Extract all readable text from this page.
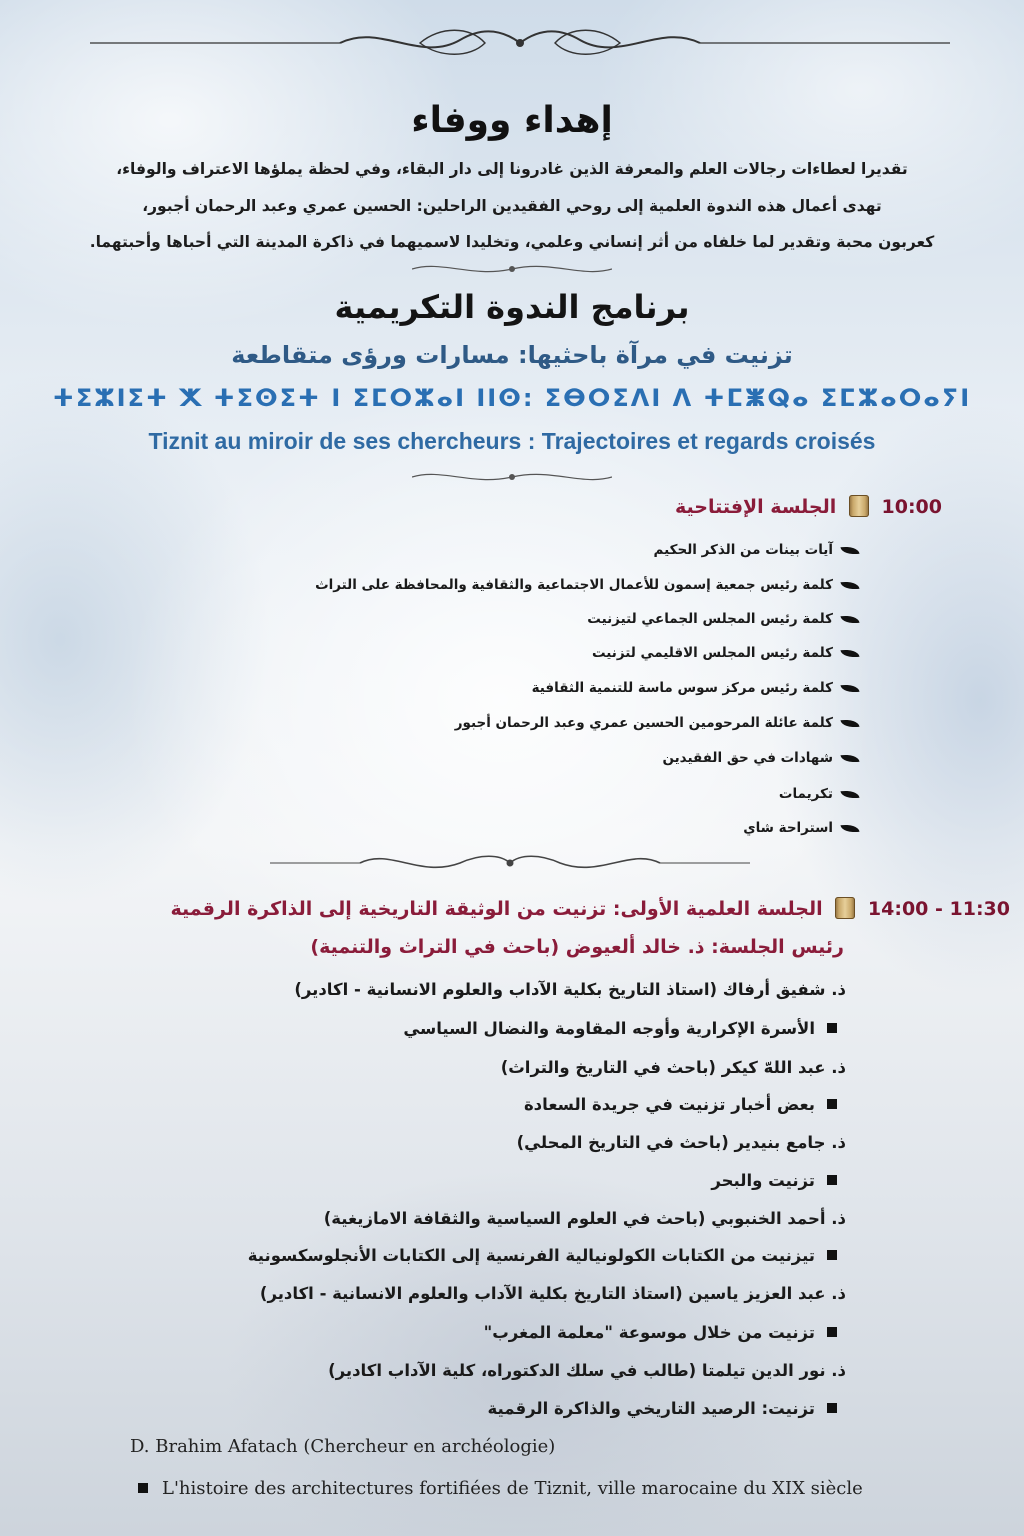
إهداء ووفاء
تقديرا لعطاءات رجالات العلم والمعرفة الذين غادرونا إلى دار البقاء، وفي لحظة يملؤها الاعتراف والوفاء،
تهدى أعمال هذه الندوة العلمية إلى روحي الفقيدين الراحلين: الحسين عمري وعبد الرحمان أجبور،
كعربون محبة وتقدير لما خلفاه من أثر إنساني وعلمي، وتخليدا لاسميهما في ذاكرة المدينة التي أحباها وأحبتهما.
برنامج الندوة التكريمية
تزنيت في مرآة باحثيها: مسارات ورؤى متقاطعة
ⵜⵉⵣⵏⵉⵜ ⵅ ⵜⵉⵙⵉⵜ ⵏ ⵉⵎⵔⵣⴰⵏ ⵏⵏⵙ: ⵉⴱⵔⵉⴷⵏ ⴷ ⵜⵎⵥⵕⴰ ⵉⵎⵣⴰⵔⴰⵢⵏ
Tiznit au miroir de ses chercheurs : Trajectoires et regards croisés
10:00  الجلسة الإفتتاحية
آيات بينات من الذكر الحكيم
كلمة رئيس جمعية إسمون للأعمال الاجتماعية والثقافية والمحافظة على التراث
كلمة رئيس المجلس الجماعي لتيزنيت
كلمة رئيس المجلس الاقليمي لتزنيت
كلمة رئيس مركز سوس ماسة للتنمية الثقافية
كلمة عائلة المرحومين الحسين عمري وعبد الرحمان أجبور
شهادات في حق الفقيدين
تكريمات
استراحة شاي
11:30 - 14:00  الجلسة العلمية الأولى: تزنيت من الوثيقة التاريخية إلى الذاكرة الرقمية
رئيس الجلسة: ذ. خالد ألعيوض (باحث في التراث والتنمية)
ذ. شفيق أرفاك (استاذ التاريخ بكلية الآداب والعلوم الانسانية - اكادير)
الأسرة الإكرارية وأوجه المقاومة والنضال السياسي
ذ. عبد اللهّ كيكر (باحث في التاريخ والتراث)
بعض أخبار تزنيت في جريدة السعادة
ذ. جامع بنيدير (باحث في التاريخ المحلي)
تزنيت والبحر
ذ. أحمد الخنبوبي (باحث في العلوم السياسية والثقافة الامازيغية)
تيزنيت من الكتابات الكولونيالية الفرنسية إلى الكتابات الأنجلوسكسونية
ذ. عبد العزيز ياسين (استاذ التاريخ بكلية الآداب والعلوم الانسانية - اكادير)
تزنيت من خلال موسوعة "معلمة المغرب"
ذ. نور الدين تيلمتا (طالب في سلك الدكتوراه، كلية الآداب اكادير)
تزنيت: الرصيد التاريخي والذاكرة الرقمية
D. Brahim Afatach (Chercheur en archéologie)
L'histoire des architectures fortifiées de Tiznit, ville marocaine du XIX siècle
